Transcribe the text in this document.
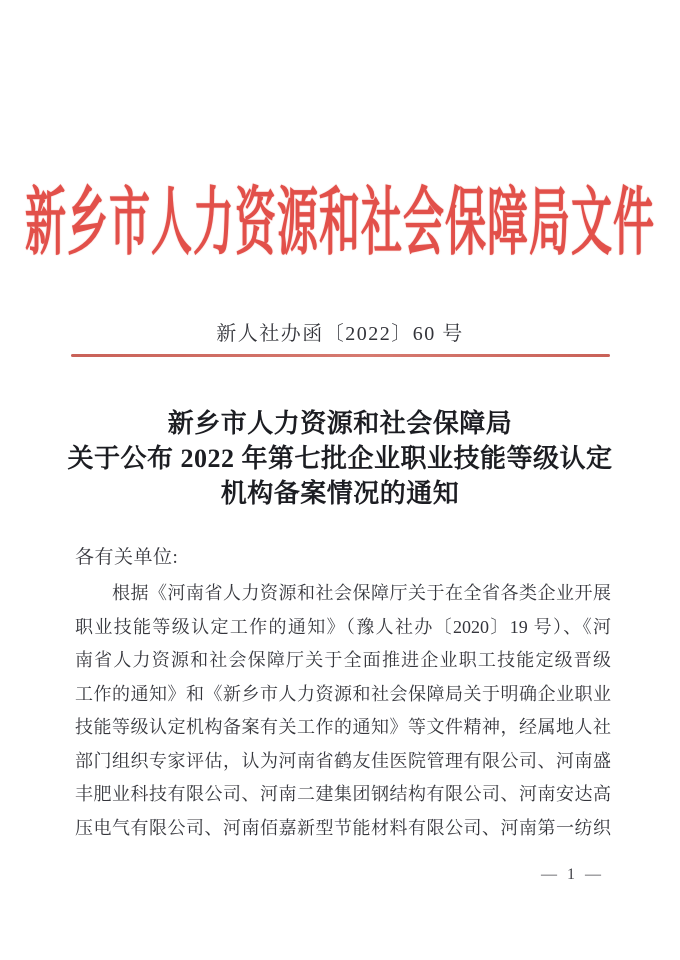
新乡市人力资源和社会保障局文件
新人社办函〔2022〕60 号
新乡市人力资源和社会保障局
关于公布 2022 年第七批企业职业技能等级认定
机构备案情况的通知
各有关单位:
根据《河南省人力资源和社会保障厅关于在全省各类企业开展
职业技能等级认定工作的通知》（豫人社办〔2020〕19 号）、《河
南省人力资源和社会保障厅关于全面推进企业职工技能定级晋级
工作的通知》和《新乡市人力资源和社会保障局关于明确企业职业
技能等级认定机构备案有关工作的通知》等文件精神，经属地人社
部门组织专家评估，认为河南省鹤友佳医院管理有限公司、河南盛
丰肥业科技有限公司、河南二建集团钢结构有限公司、河南安达高
压电气有限公司、河南佰嘉新型节能材料有限公司、河南第一纺织
— 1 —
